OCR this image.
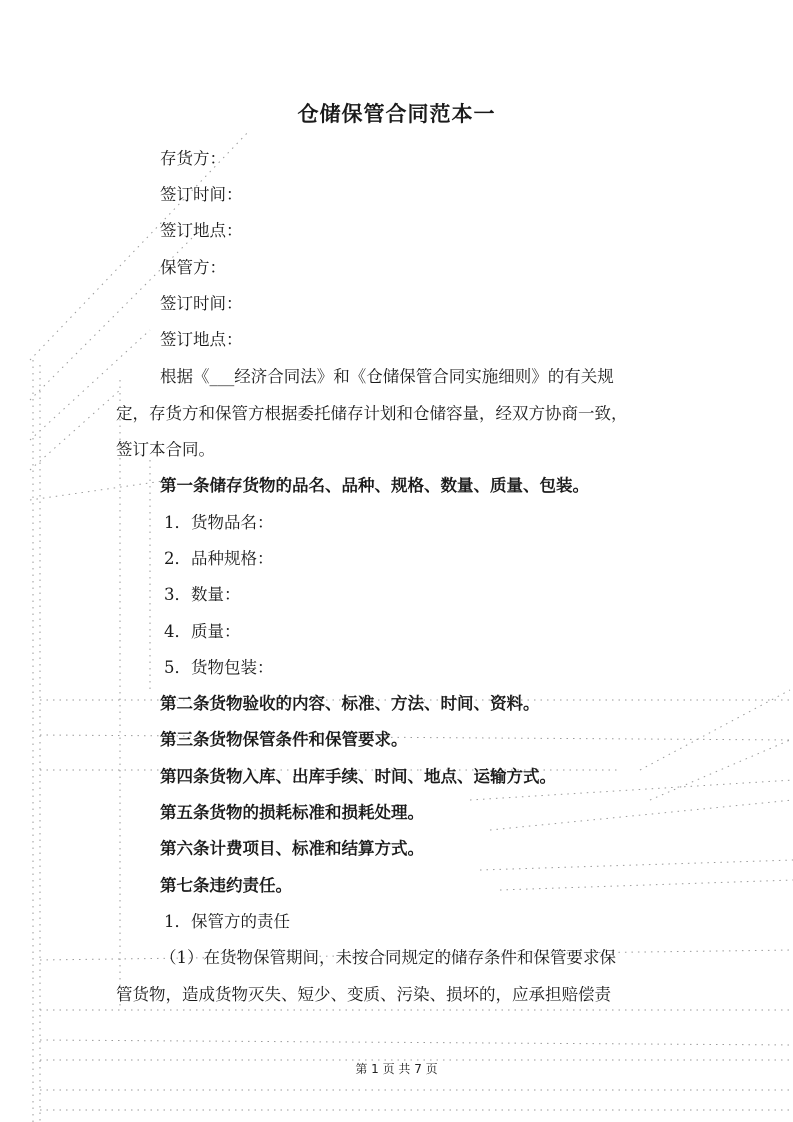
仓储保管合同范本一
存货方：
签订时间：
签订地点：
保管方：
签订时间：
签订地点：
根据《___经济合同法》和《仓储保管合同实施细则》的有关规
定，存货方和保管方根据委托储存计划和仓储容量，经双方协商一致，
签订本合同。
第一条储存货物的品名、品种、规格、数量、质量、包装。
1．货物品名：
2．品种规格：
3．数量：
4．质量：
5．货物包装：
第二条货物验收的内容、标准、方法、时间、资料。
第三条货物保管条件和保管要求。
第四条货物入库、出库手续、时间、地点、运输方式。
第五条货物的损耗标准和损耗处理。
第六条计费项目、标准和结算方式。
第七条违约责任。
1．保管方的责任
（1）在货物保管期间，未按合同规定的储存条件和保管要求保
管货物，造成货物灭失、短少、变质、污染、损坏的，应承担赔偿责
第 1 页 共 7 页
